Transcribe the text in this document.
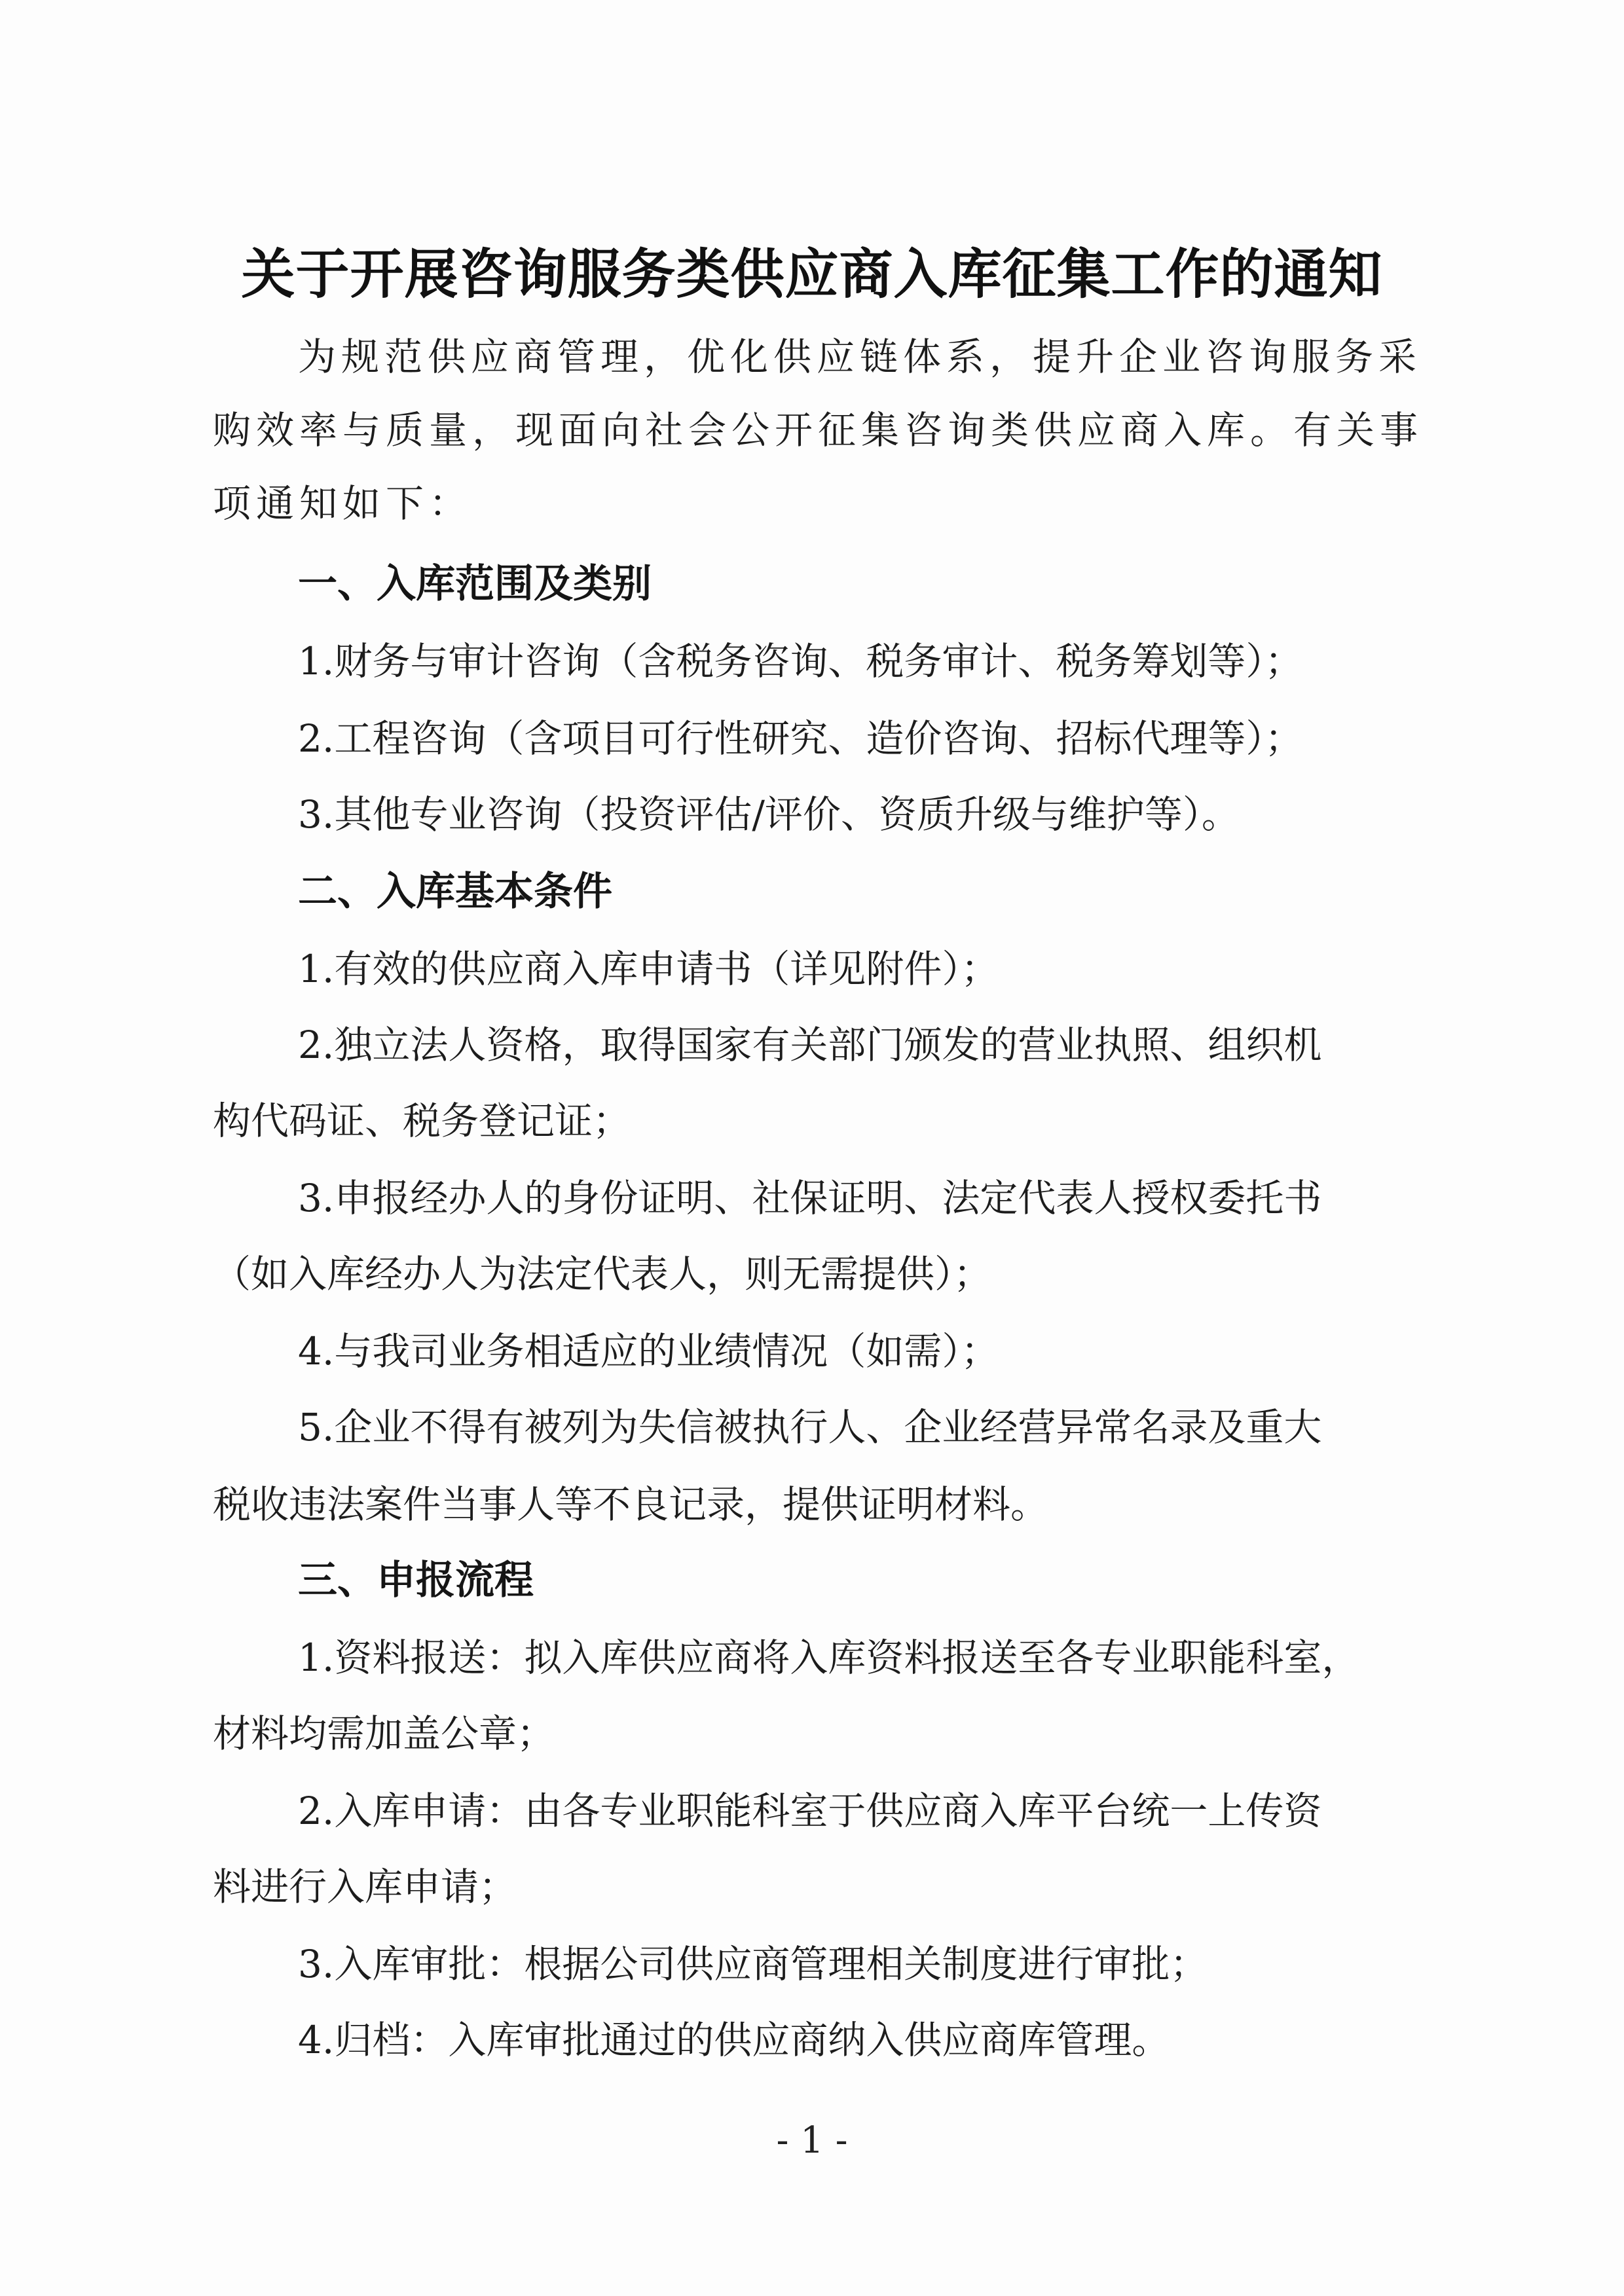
关于开展咨询服务类供应商入库征集工作的通知
为规范供应商管理，优化供应链体系，提升企业咨询服务采
购效率与质量，现面向社会公开征集咨询类供应商入库。有关事
项通知如下：
一、入库范围及类别
1.财务与审计咨询（含税务咨询、税务审计、税务筹划等）；
2.工程咨询（含项目可行性研究、造价咨询、招标代理等）；
3.其他专业咨询（投资评估/评价、资质升级与维护等）。
二、入库基本条件
1.有效的供应商入库申请书（详见附件）；
2.独立法人资格，取得国家有关部门颁发的营业执照、组织机
构代码证、税务登记证；
3.申报经办人的身份证明、社保证明、法定代表人授权委托书
（如入库经办人为法定代表人，则无需提供）；
4.与我司业务相适应的业绩情况（如需）；
5.企业不得有被列为失信被执行人、企业经营异常名录及重大
税收违法案件当事人等不良记录，提供证明材料。
三、申报流程
1.资料报送：拟入库供应商将入库资料报送至各专业职能科室，
材料均需加盖公章；
2.入库申请：由各专业职能科室于供应商入库平台统一上传资
料进行入库申请；
3.入库审批：根据公司供应商管理相关制度进行审批；
4.归档：入库审批通过的供应商纳入供应商库管理。
- 1 -
